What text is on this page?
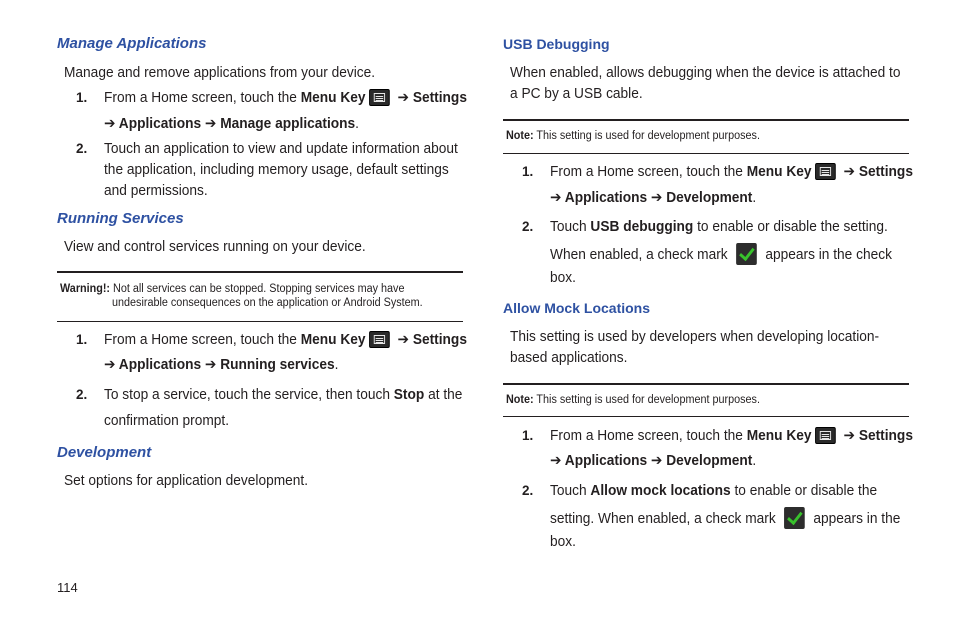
Manage Applications
Manage and remove applications from your device.
1. From a Home screen, touch the Menu Key
➔ Settings
➔ Applications ➔ Manage applications.
2. Touch an application to view and update information about
the application, including memory usage, default settings
and permissions.
Running Services
View and control services running on your device.
Warning!: Not all services can be stopped. Stopping services may have
undesirable consequences on the application or Android System.
1. From a Home screen, touch the Menu Key
➔ Settings
➔ Applications ➔ Running services.
2. To stop a service, touch the service, then touch Stop at the
confirmation prompt.
Development
Set options for application development.
USB Debugging
When enabled, allows debugging when the device is attached to
a PC by a USB cable.
Note: This setting is used for development purposes.
1. From a Home screen, touch the Menu Key
➔ Settings
➔ Applications ➔ Development.
2. Touch USB debugging to enable or disable the setting.
When enabled, a check mark  appears in the check
box.
Allow Mock Locations
This setting is used by developers when developing location-
based applications.
Note: This setting is used for development purposes.
1. From a Home screen, touch the Menu Key
➔ Settings
➔ Applications ➔ Development.
2. Touch Allow mock locations to enable or disable the
setting. When enabled, a check mark  appears in the
box.
114
